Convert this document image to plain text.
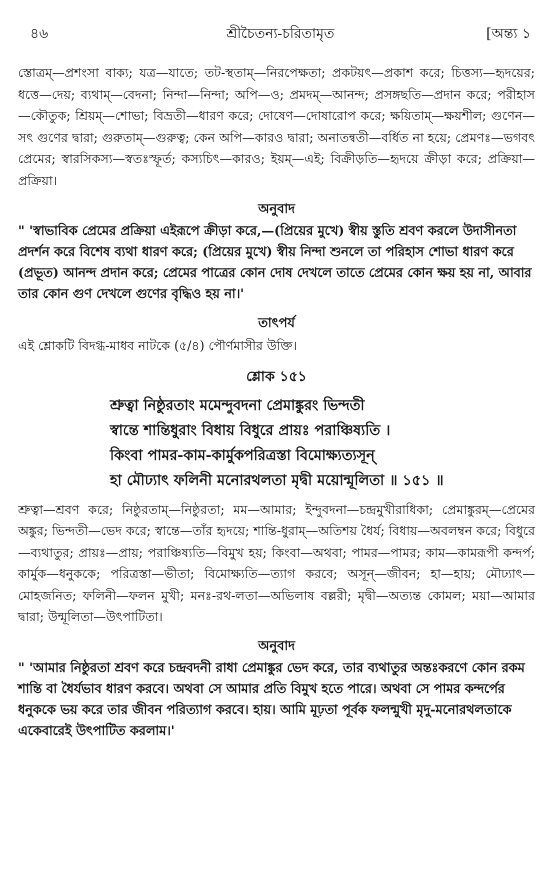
৪৬	শ্রীচৈতন্য-চরিতামৃত	[অন্ত্য ১

স্তোত্রম্—প্রশংসা বাক্য; যত্র—যাতে; তট-স্থতাম্—নিরপেক্ষতা; প্রকটয়ৎ—প্রকাশ করে; চিত্তস্য—হৃদয়ের; ধত্তে—দেয়; ব্যথাম্—বেদনা; নিন্দা—নিন্দা; অপি—ও; প্রমদম্—আনন্দ; প্রসঙ্গছতি—প্রদান করে; পরীহাস—কৌতুক; শ্রিয়ম্—শোভা; বিভ্রতী—ধারণ করে; দোষেণ—দোষারোপ করে; ক্ষয়িতাম্—ক্ষয়শীল; গুণেন—সৎ গুণের দ্বারা; গুরুতাম্—গুরুত্ব; কেন অপি—কারও দ্বারা; অনাতন্বতী—বর্ধিত না হয়ে; প্রেমণঃ—ভগবৎ প্রেমের; স্বারসিকস্য—স্বতঃস্ফূর্ত; কস্যচিৎ—কারও; ইয়ম্—এই; বিক্রীড়তি—হৃদয়ে ক্রীড়া করে; প্রক্রিয়া—প্রক্রিয়া।

অনুবাদ

" 'স্বাভাবিক প্রেমের প্রক্রিয়া এইরূপে ক্রীড়া করে,—(প্রিয়ের মুখে) স্বীয় স্তুতি শ্রবণ করলে উদাসীনতা প্রদর্শন করে বিশেষ ব্যথা ধারণ করে; (প্রিয়ের মুখে) স্বীয় নিন্দা শুনলে তা পরিহাস শোভা ধারণ করে (প্রভূত) আনন্দ প্রদান করে; প্রেমের পাত্রের কোন দোষ দেখলে তাতে প্রেমের কোন ক্ষয় হয় না, আবার তার কোন গুণ দেখলে গুণের বৃদ্ধিও হয় না।'

তাৎপর্য

এই শ্লোকটি বিদগ্ধ-মাধব নাটকে (৫/৪) পৌর্ণমাসীর উক্তি।

শ্লোক ১৫১
শ্রুত্বা নিষ্ঠুরতাং মমেন্দুবদনা প্রেমাঙ্কুরং ভিন্দতী
স্বান্তে শান্তিধুরাং বিধায় বিধুরে প্রায়ঃ পরাঞ্চিষ্যতি ।
কিংবা পামর-কাম-কার্মুকপরিত্রস্তা বিমোক্ষ্যত্যসূন্
হা মৌঢ্যাৎ ফলিনী মনোরথলতা মৃদ্বী ময়োন্মূলিতা ॥ ১৫১ ॥

শ্রুত্বা—শ্রবণ করে; নিষ্ঠুরতাম্—নিষ্ঠুরতা; মম—আমার; ইন্দুবদনা—চন্দ্রমুখীরাধিকা; প্রেমাঙ্কুরম্—প্রেমের অঙ্কুর; ভিন্দতী—ভেদ করে; স্বান্তে—তাঁর হৃদয়ে; শান্তি-ধুরাম্—অতিশয় ধৈর্য; বিধায়—অবলম্বন করে; বিধুরে—ব্যথাতুর; প্রায়ঃ—প্রায়; পরাঞ্চিষ্যতি—বিমুখ হয়; কিংবা—অথবা; পামর—পামর; কাম—কামরূপী কন্দর্প; কার্মুক—ধনুককে; পরিত্রস্তা—ভীতা; বিমোক্ষ্যতি—ত্যাগ করবে; অসূন্—জীবন; হা—হায়; মৌঢ্যাৎ—মোহজনিত; ফলিনী—ফলন মুখী; মনঃ-রথ-লতা—অভিলাষ বল্লরী; মৃদ্বী—অত্যন্ত কোমল; ময়া—আমার দ্বারা; উন্মূলিতা—উৎপাটিতা।

অনুবাদ

" 'আমার নিষ্ঠুরতা শ্রবণ করে চন্দ্রবদনী রাধা প্রেমাঙ্কুর ভেদ করে, তার ব্যথাতুর অন্তঃকরণে কোন রকম শান্তি বা ধৈর্যভাব ধারণ করবে। অথবা সে আমার প্রতি বিমুখ হতে পারে। অথবা সে পামর কন্দর্পের ধনুককে ভয় করে তার জীবন পরিত্যাগ করবে। হায়। আমি মূঢ়তা পূর্বক ফলন্মুখী মৃদু-মনোরথলতাকে একেবারেই উৎপাটিত করলাম।'
